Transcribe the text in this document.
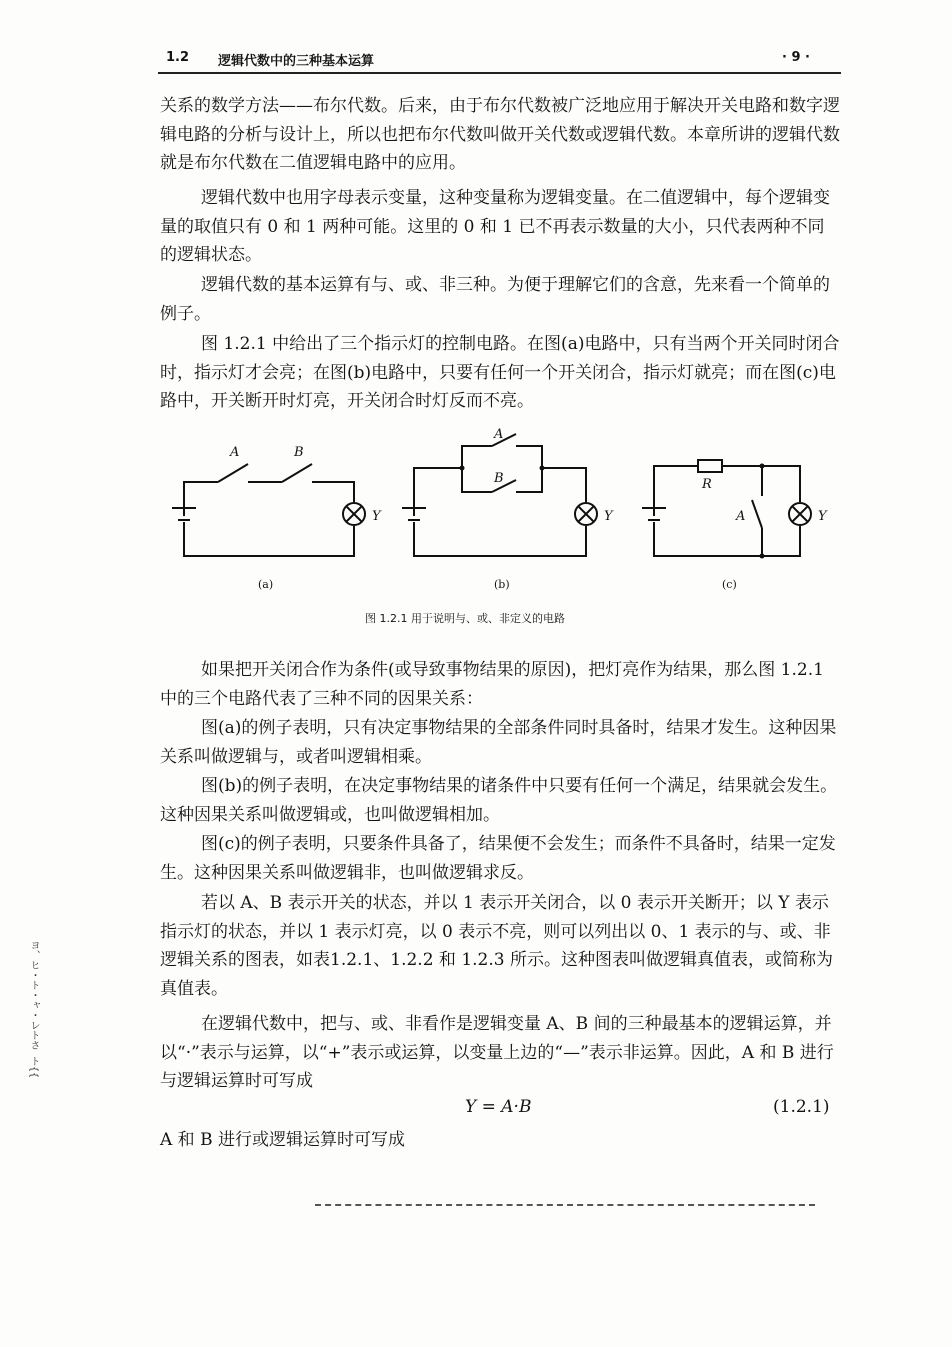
1.2 逻辑代数中的三种基本运算	· 9 ·

关系的数学方法——布尔代数。后来，由于布尔代数被广泛地应用于解决开关电路和数字逻辑电路的分析与设计上，所以也把布尔代数叫做开关代数或逻辑代数。本章所讲的逻辑代数就是布尔代数在二值逻辑电路中的应用。

逻辑代数中也用字母表示变量，这种变量称为逻辑变量。在二值逻辑中，每个逻辑变量的取值只有 0 和 1 两种可能。这里的 0 和 1 已不再表示数量的大小，只代表两种不同的逻辑状态。

逻辑代数的基本运算有与、或、非三种。为便于理解它们的含意，先来看一个简单的例子。

图 1.2.1 中给出了三个指示灯的控制电路。在图(a)电路中，只有当两个开关同时闭合时，指示灯才会亮；在图(b)电路中，只要有任何一个开关闭合，指示灯就亮；而在图(c)电路中，开关断开时灯亮，开关闭合时灯反而不亮。

A	B
Y
A
B
Y
R
A	Y
(a)	(b)	(c)
图 1.2.1 用于说明与、或、非定义的电路

如果把开关闭合作为条件(或导致事物结果的原因)，把灯亮作为结果，那么图 1.2.1 中的三个电路代表了三种不同的因果关系：

图(a)的例子表明，只有决定事物结果的全部条件同时具备时，结果才发生。这种因果关系叫做逻辑与，或者叫逻辑相乘。

图(b)的例子表明，在决定事物结果的诸条件中只要有任何一个满足，结果就会发生。这种因果关系叫做逻辑或，也叫做逻辑相加。

图(c)的例子表明，只要条件具备了，结果便不会发生；而条件不具备时，结果一定发生。这种因果关系叫做逻辑非，也叫做逻辑求反。

若以 A、B 表示开关的状态，并以 1 表示开关闭合，以 0 表示开关断开；以 Y 表示指示灯的状态，并以 1 表示灯亮，以 0 表示不亮，则可以列出以 0、1 表示的与、或、非逻辑关系的图表，如表1.2.1、1.2.2 和 1.2.3 所示。这种图表叫做逻辑真值表，或简称为真值表。

在逻辑代数中，把与、或、非看作是逻辑变量 A、B 间的三种最基本的逻辑运算，并以“·”表示与运算，以“+”表示或运算，以变量上边的“—”表示非运算。因此，A 和 B 进行与逻辑运算时可写成

Y = A·B	(1.2.1)

A 和 B 进行或逻辑运算时可写成

ヨ、ヒ・ト・ャ・レトさ ト{{
